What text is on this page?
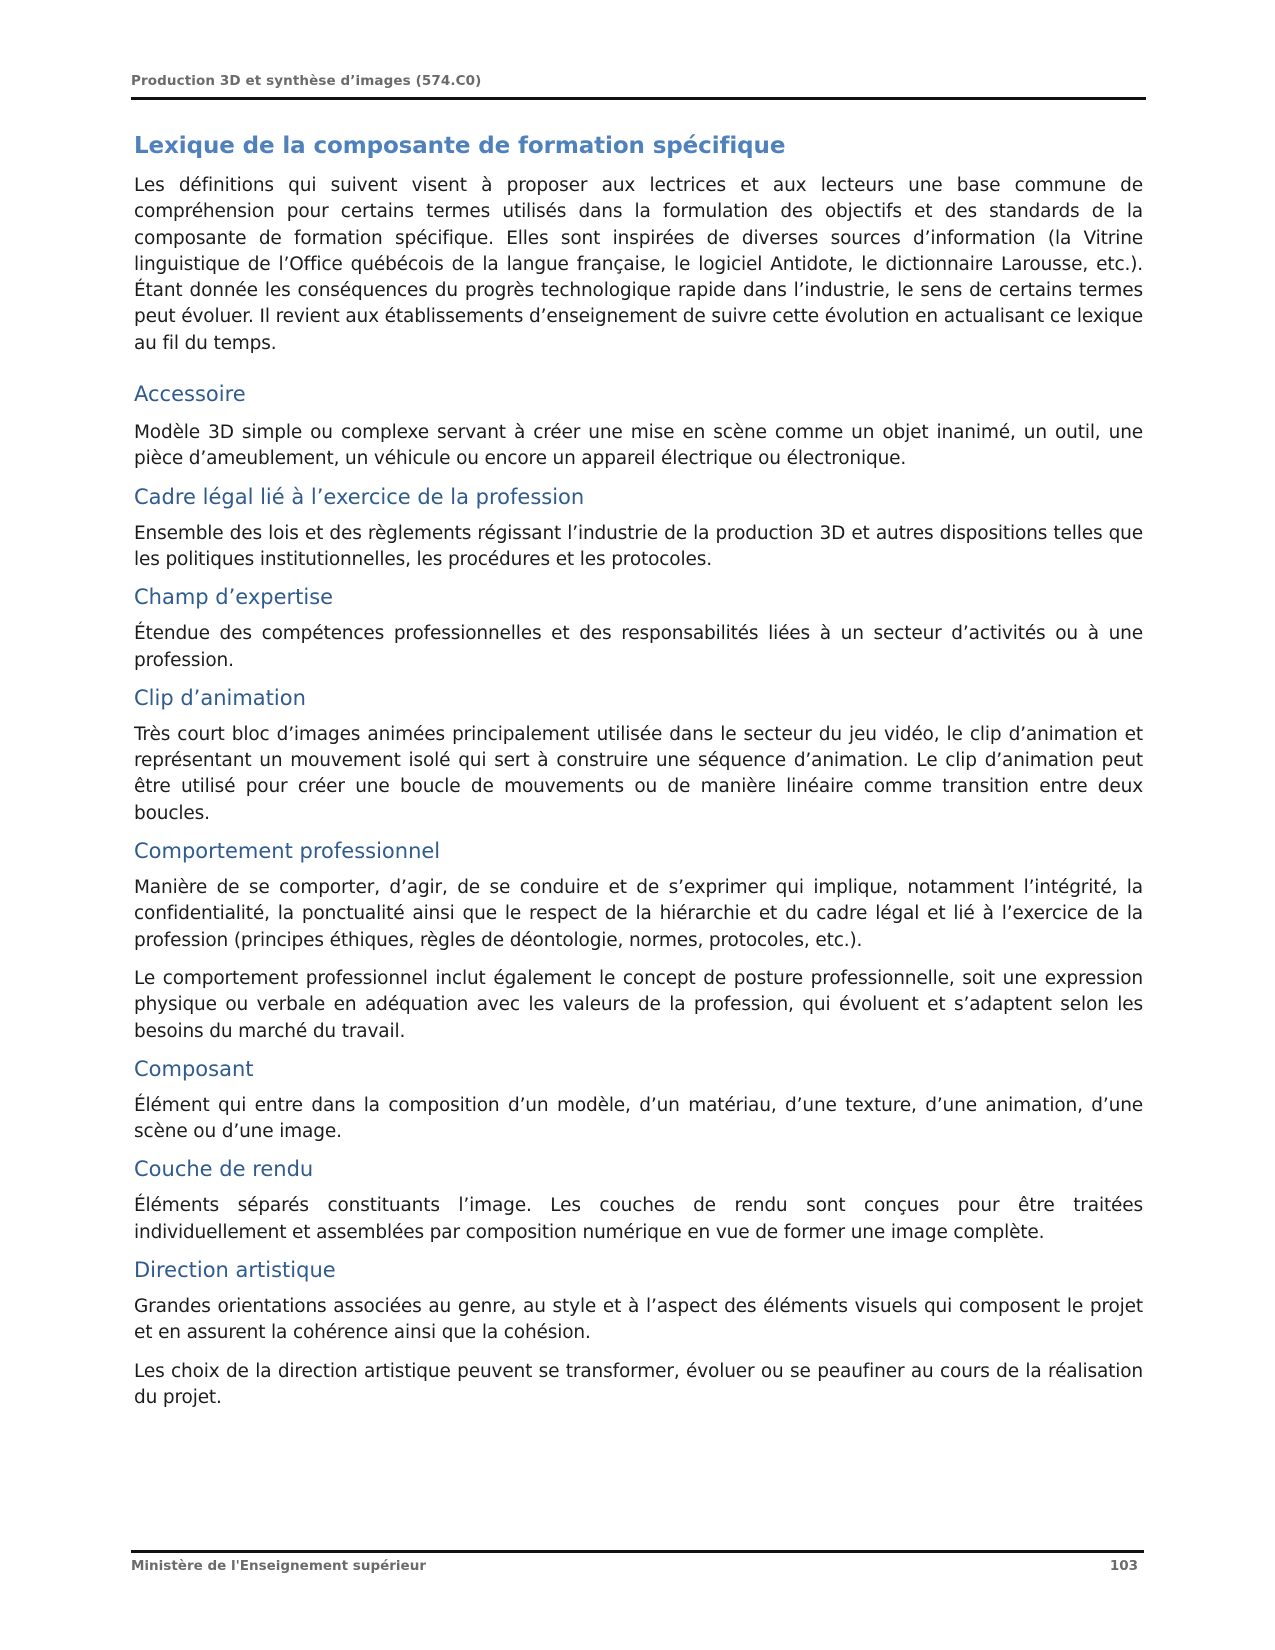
Production 3D et synthèse d’images (574.C0)
Lexique de la composante de formation spécifique

Les définitions qui suivent visent à proposer aux lectrices et aux lecteurs une base commune de compréhension pour certains termes utilisés dans la formulation des objectifs et des standards de la composante de formation spécifique. Elles sont inspirées de diverses sources d’information (la Vitrine linguistique de l’Office québécois de la langue française, le logiciel Antidote, le dictionnaire Larousse, etc.). Étant donnée les conséquences du progrès technologique rapide dans l’industrie, le sens de certains termes peut évoluer. Il revient aux établissements d’enseignement de suivre cette évolution en actualisant ce lexique au fil du temps.

Accessoire

Modèle 3D simple ou complexe servant à créer une mise en scène comme un objet inanimé, un outil, une pièce d’ameublement, un véhicule ou encore un appareil électrique ou électronique.

Cadre légal lié à l’exercice de la profession

Ensemble des lois et des règlements régissant l’industrie de la production 3D et autres dispositions telles que les politiques institutionnelles, les procédures et les protocoles.

Champ d’expertise

Étendue des compétences professionnelles et des responsabilités liées à un secteur d’activités ou à une profession.

Clip d’animation

Très court bloc d’images animées principalement utilisée dans le secteur du jeu vidéo, le clip d’animation et représentant un mouvement isolé qui sert à construire une séquence d’animation. Le clip d’animation peut être utilisé pour créer une boucle de mouvements ou de manière linéaire comme transition entre deux boucles.

Comportement professionnel

Manière de se comporter, d’agir, de se conduire et de s’exprimer qui implique, notamment l’intégrité, la confidentialité, la ponctualité ainsi que le respect de la hiérarchie et du cadre légal et lié à l’exercice de la profession (principes éthiques, règles de déontologie, normes, protocoles, etc.).

Le comportement professionnel inclut également le concept de posture professionnelle, soit une expression physique ou verbale en adéquation avec les valeurs de la profession, qui évoluent et s’adaptent selon les besoins du marché du travail.

Composant

Élément qui entre dans la composition d’un modèle, d’un matériau, d’une texture, d’une animation, d’une scène ou d’une image.

Couche de rendu

Éléments séparés constituants l’image. Les couches de rendu sont conçues pour être traitées individuellement et assemblées par composition numérique en vue de former une image complète.

Direction artistique

Grandes orientations associées au genre, au style et à l’aspect des éléments visuels qui composent le projet et en assurent la cohérence ainsi que la cohésion.

Les choix de la direction artistique peuvent se transformer, évoluer ou se peaufiner au cours de la réalisation du projet.

Ministère de l'Enseignement supérieur	103
